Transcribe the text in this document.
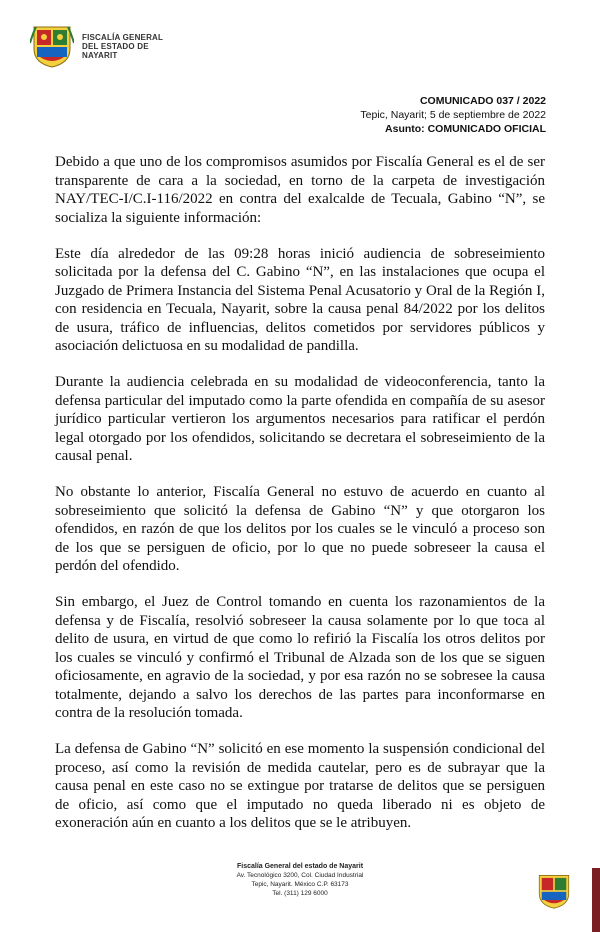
FISCALÍA GENERAL
DEL ESTADO DE
NAYARIT
COMUNICADO 037 / 2022
Tepic, Nayarit; 5 de septiembre de 2022
Asunto: COMUNICADO OFICIAL

Debido a que uno de los compromisos asumidos por Fiscalía General es el de ser transparente de cara a la sociedad, en torno de la carpeta de investigación NAY/TEC-I/C.I-116/2022 en contra del exalcalde de Tecuala, Gabino “N”, se socializa la siguiente información:

Este día alrededor de las 09:28 horas inició audiencia de sobreseimiento solicitada por la defensa del C. Gabino “N”, en las instalaciones que ocupa el Juzgado de Primera Instancia del Sistema Penal Acusatorio y Oral de la Región I, con residencia en Tecuala, Nayarit, sobre la causa penal 84/2022 por los delitos de usura, tráfico de influencias, delitos cometidos por servidores públicos y asociación delictuosa en su modalidad de pandilla.

Durante la audiencia celebrada en su modalidad de videoconferencia, tanto la defensa particular del imputado como la parte ofendida en compañía de su asesor jurídico particular vertieron los argumentos necesarios para ratificar el perdón legal otorgado por los ofendidos, solicitando se decretara el sobreseimiento de la causal penal.

No obstante lo anterior, Fiscalía General no estuvo de acuerdo en cuanto al sobreseimiento que solicitó la defensa de Gabino “N” y que otorgaron los ofendidos, en razón de que los delitos por los cuales se le vinculó a proceso son de los que se persiguen de oficio, por lo que no puede sobreseer la causa el perdón del ofendido.

Sin embargo, el Juez de Control tomando en cuenta los razonamientos de la defensa y de Fiscalía, resolvió sobreseer la causa solamente por lo que toca al delito de usura, en virtud de que como lo refirió la Fiscalía los otros delitos por los cuales se vinculó y confirmó el Tribunal de Alzada son de los que se siguen oficiosamente, en agravio de la sociedad, y por esa razón no se sobresee la causa totalmente, dejando a salvo los derechos de las partes para inconformarse en contra de la resolución tomada.

La defensa de Gabino “N” solicitó en ese momento la suspensión condicional del proceso, así como la revisión de medida cautelar, pero es de subrayar que la causa penal en este caso no se extingue por tratarse de delitos que se persiguen de oficio, así como que el imputado no queda liberado ni es objeto de exoneración aún en cuanto a los delitos que se le atribuyen.

Fiscalía General del estado de Nayarit
Av. Tecnológico 3200, Col. Ciudad Industrial
Tepic, Nayarit. México C.P. 63173
Tel. (311) 129 6000
